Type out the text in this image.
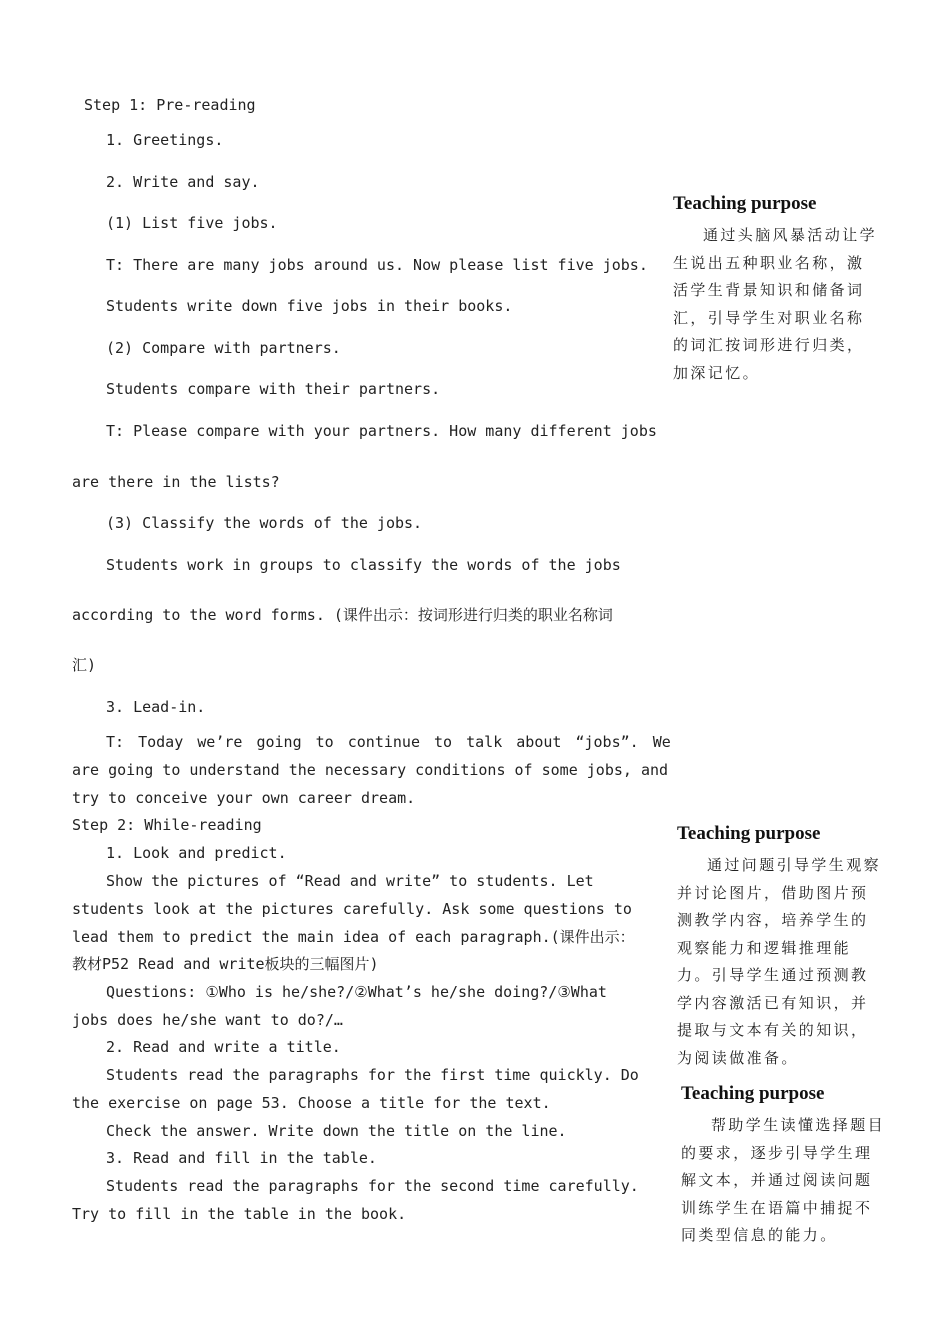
Step 1: Pre-reading
1. Greetings.
2. Write and say.
(1) List five jobs.
T: There are many jobs around us. Now please list five jobs.
Students write down five jobs in their books.
(2) Compare with partners.
Students compare with their partners.
T: Please compare with your partners. How many different jobs
are there in the lists?
(3) Classify the words of the jobs.
Students work in groups to classify the words of the jobs
according to the word forms. (课件出示：按词形进行归类的职业名称词
汇)
3. Lead-in.
T: Today we’re going to continue to talk about “jobs”. We
are going to understand the necessary conditions of some jobs, and
try to conceive your own career dream.
Step 2: While-reading
1. Look and predict.
Show the pictures of “Read and write” to students. Let
students look at the pictures carefully. Ask some questions to
lead them to predict the main idea of each paragraph.(课件出示：
教材P52 Read and write板块的三幅图片)
Questions: ①Who is he/she?/②What’s he/she doing?/③What
jobs does he/she want to do?/…
2. Read and write a title.
Students read the paragraphs for the first time quickly. Do
the exercise on page 53. Choose a title for the text.
Check the answer. Write down the title on the line.
3. Read and fill in the table.
Students read the paragraphs for the second time carefully.
Try to fill in the table in the book.
Teaching purpose
通过头脑风暴活动让学生说出五种职业名称，激活学生背景知识和储备词汇，引导学生对职业名称的词汇按词形进行归类，加深记忆。
Teaching purpose
通过问题引导学生观察并讨论图片，借助图片预测教学内容，培养学生的观察能力和逻辑推理能力。引导学生通过预测教学内容激活已有知识，并提取与文本有关的知识，为阅读做准备。
Teaching purpose
帮助学生读懂选择题目的要求，逐步引导学生理解文本，并通过阅读问题训练学生在语篇中捕捉不同类型信息的能力。
